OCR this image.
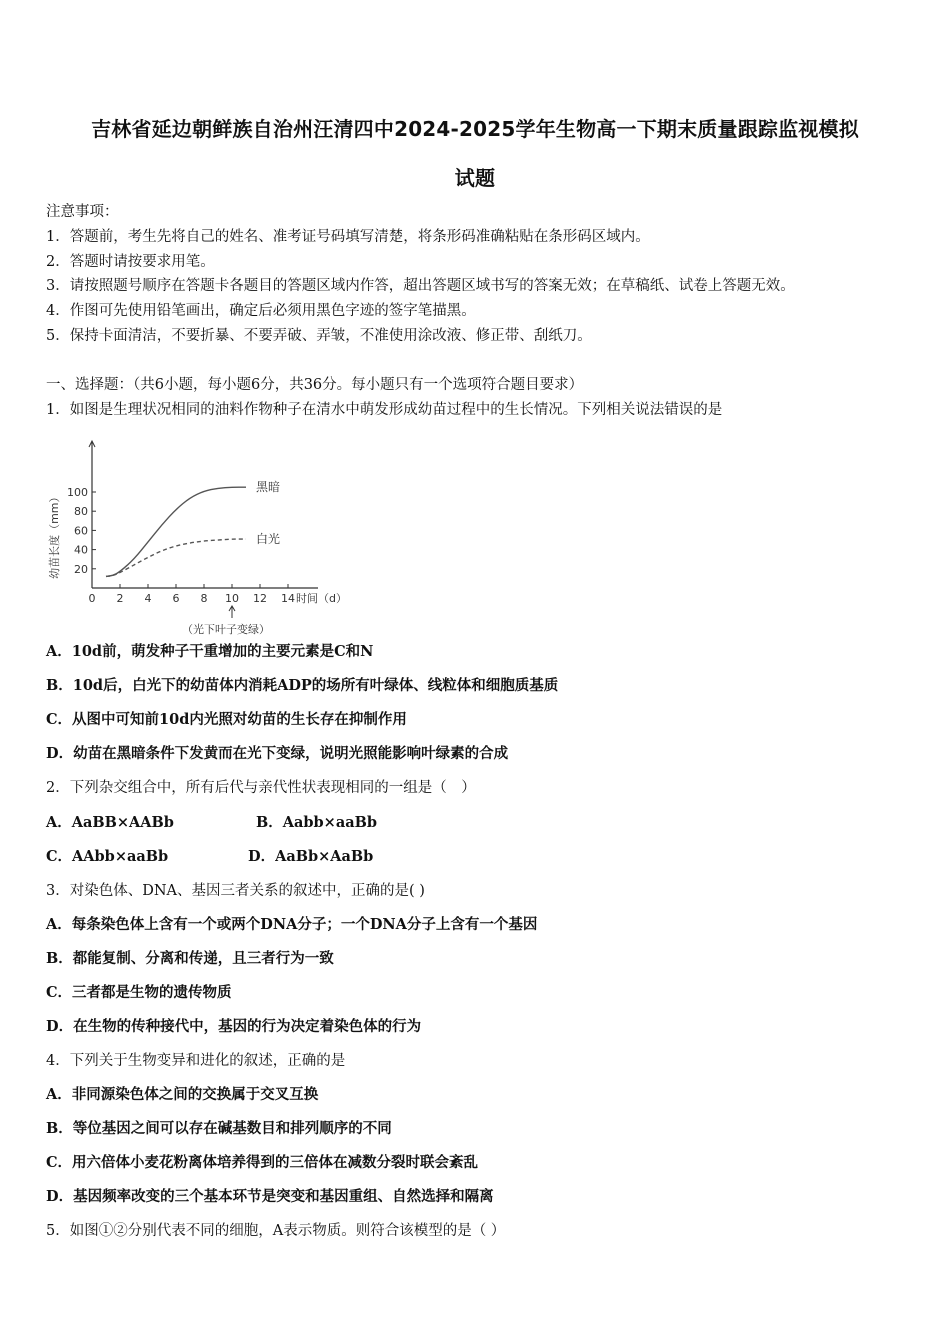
吉林省延边朝鲜族自治州汪清四中2024-2025学年生物高一下期末质量跟踪监视模拟
试题
注意事项：
1．答题前，考生先将自己的姓名、准考证号码填写清楚，将条形码准确粘贴在条形码区域内。
2．答题时请按要求用笔。
3．请按照题号顺序在答题卡各题目的答题区域内作答，超出答题区域书写的答案无效；在草稿纸、试卷上答题无效。
4．作图可先使用铅笔画出，确定后必须用黑色字迹的签字笔描黑。
5．保持卡面清洁，不要折暴、不要弄破、弄皱，不准使用涂改液、修正带、刮纸刀。
一、选择题：（共6小题，每小题6分，共36分。每小题只有一个选项符合题目要求）
1．如图是生理状况相同的油料作物种子在清水中萌发形成幼苗过程中的生长情况。下列相关说法错误的是
0 2 4 6 8 10 12 14
20
40
60
80
100
时间（d）
幼苗长度（mm）
（光下叶子变绿）
黑暗
白光
A．10d前，萌发种子干重增加的主要元素是C和N
B．10d后，白光下的幼苗体内消耗ADP的场所有叶绿体、线粒体和细胞质基质
C．从图中可知前10d内光照对幼苗的生长存在抑制作用
D．幼苗在黑暗条件下发黄而在光下变绿，说明光照能影响叶绿素的合成
2．下列杂交组合中，所有后代与亲代性状表现相同的一组是（　）
A．AaBB×AABb	B．Aabb×aaBb
C．AAbb×aaBb	D．AaBb×AaBb
3．对染色体、DNA、基因三者关系的叙述中，正确的是( )
A．每条染色体上含有一个或两个DNA分子；一个DNA分子上含有一个基因
B．都能复制、分离和传递，且三者行为一致
C．三者都是生物的遗传物质
D．在生物的传种接代中，基因的行为决定着染色体的行为
4．下列关于生物变异和进化的叙述，正确的是
A．非同源染色体之间的交换属于交叉互换
B．等位基因之间可以存在碱基数目和排列顺序的不同
C．用六倍体小麦花粉离体培养得到的三倍体在减数分裂时联会紊乱
D．基因频率改变的三个基本环节是突变和基因重组、自然选择和隔离
5．如图①②分别代表不同的细胞，A表示物质。则符合该模型的是（ ）
